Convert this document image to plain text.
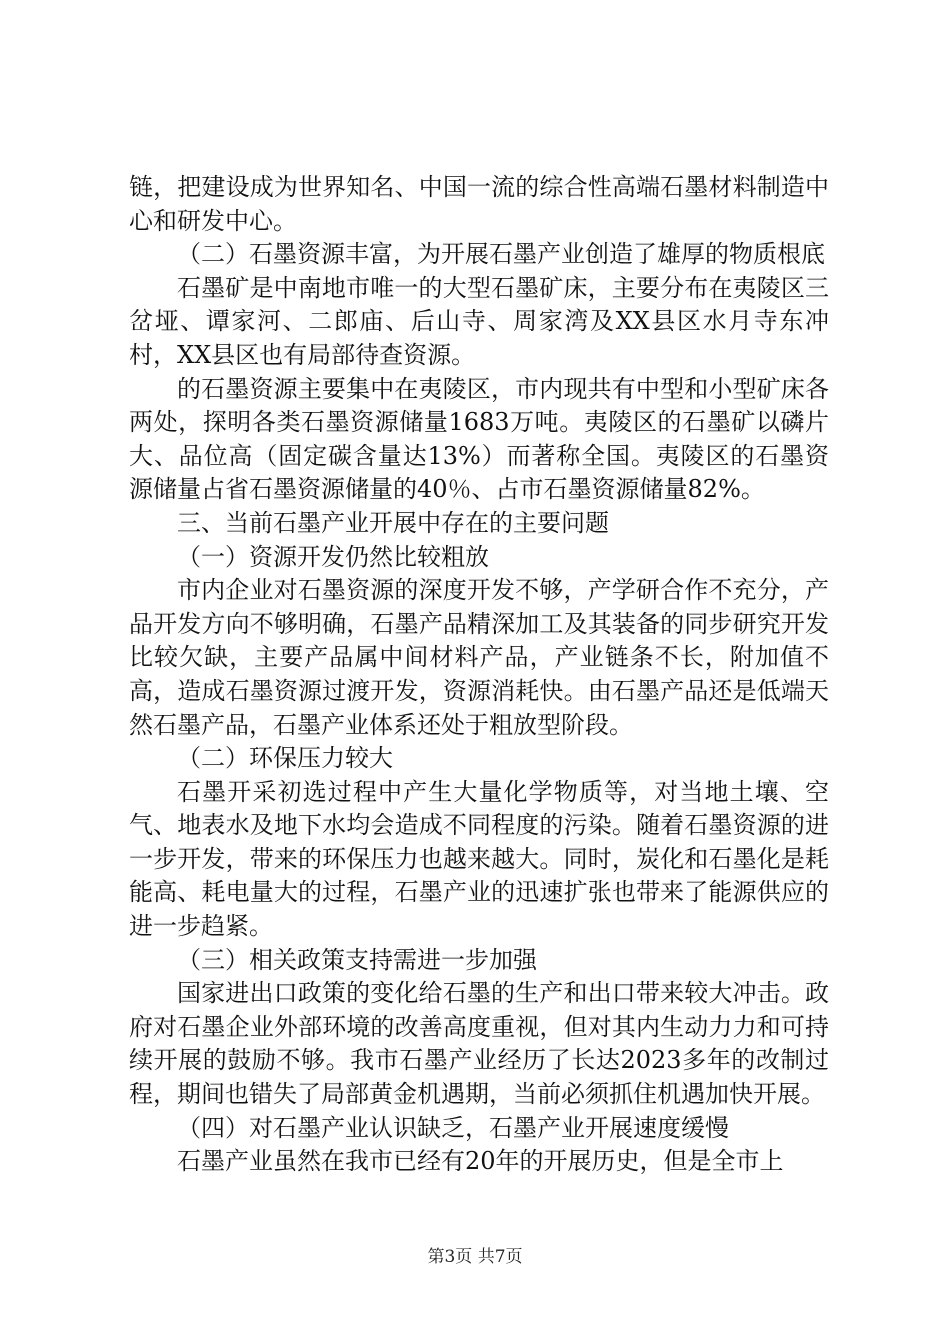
链，把建设成为世界知名、中国一流的综合性高端石墨材料制造中心和研发中心。

（二）石墨资源丰富，为开展石墨产业创造了雄厚的物质根底

石墨矿是中南地市唯一的大型石墨矿床，主要分布在夷陵区三岔垭、谭家河、二郎庙、后山寺、周家湾及XX县区水月寺东冲村，XX县区也有局部待查资源。

的石墨资源主要集中在夷陵区，市内现共有中型和小型矿床各两处，探明各类石墨资源储量1683万吨。夷陵区的石墨矿以磷片大、品位高（固定碳含量达13%）而著称全国。夷陵区的石墨资源储量占省石墨资源储量的40％、占市石墨资源储量82%。

三、当前石墨产业开展中存在的主要问题

（一）资源开发仍然比较粗放

市内企业对石墨资源的深度开发不够，产学研合作不充分，产品开发方向不够明确，石墨产品精深加工及其装备的同步研究开发比较欠缺，主要产品属中间材料产品，产业链条不长，附加值不高，造成石墨资源过渡开发，资源消耗快。由石墨产品还是低端天然石墨产品，石墨产业体系还处于粗放型阶段。

（二）环保压力较大

石墨开采初选过程中产生大量化学物质等，对当地土壤、空气、地表水及地下水均会造成不同程度的污染。随着石墨资源的进一步开发，带来的环保压力也越来越大。同时，炭化和石墨化是耗能高、耗电量大的过程，石墨产业的迅速扩张也带来了能源供应的进一步趋紧。

（三）相关政策支持需进一步加强

国家进出口政策的变化给石墨的生产和出口带来较大冲击。政府对石墨企业外部环境的改善高度重视，但对其内生动力力和可持续开展的鼓励不够。我市石墨产业经历了长达2023多年的改制过程，期间也错失了局部黄金机遇期，当前必须抓住机遇加快开展。

（四）对石墨产业认识缺乏，石墨产业开展速度缓慢

石墨产业虽然在我市已经有20年的开展历史，但是全市上

第3页 共7页
